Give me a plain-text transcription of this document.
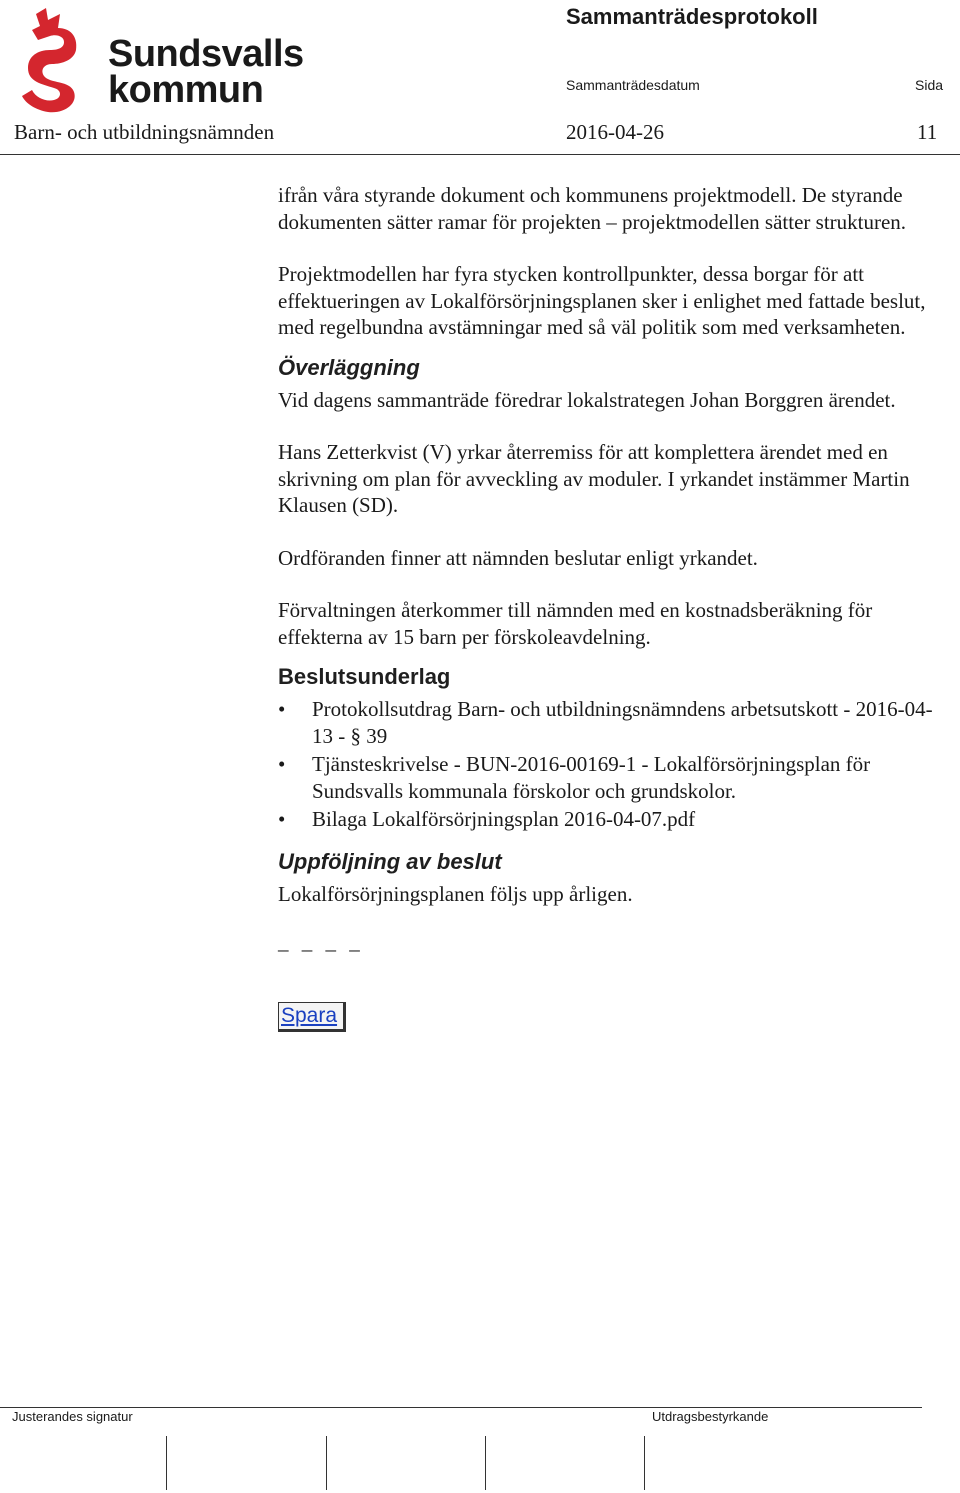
Sundsvalls
kommun
Sammanträdesprotokoll
Sammanträdesdatum	Sida
Barn- och utbildningsnämnden	2016-04-26	11

ifrån våra styrande dokument och kommunens projektmodell. De styrande dokumenten sätter ramar för projekten – projektmodellen sätter strukturen.

Projektmodellen har fyra stycken kontrollpunkter, dessa borgar för att effektueringen av Lokalförsörjningsplanen sker i enlighet med fattade beslut, med regelbundna avstämningar med så väl politik som med verksamheten.

Överläggning

Vid dagens sammanträde föredrar lokalstrategen Johan Borggren ärendet.

Hans Zetterkvist (V) yrkar återremiss för att komplettera ärendet med en skrivning om plan för avveckling av moduler. I yrkandet instämmer Martin Klausen (SD).

Ordföranden finner att nämnden beslutar enligt yrkandet.

Förvaltningen återkommer till nämnden med en kostnadsberäkning för effekterna av 15 barn per förskoleavdelning.

Beslutsunderlag
• Protokollsutdrag Barn- och utbildningsnämndens arbetsutskott - 2016-04-13 - § 39
• Tjänsteskrivelse - BUN-2016-00169-1 - Lokalförsörjningsplan för Sundsvalls kommunala förskolor och grundskolor.
• Bilaga Lokalförsörjningsplan 2016-04-07.pdf
Uppföljning av beslut

Lokalförsörjningsplanen följs upp årligen.

_ _ _ _
Spara
Justerandes signatur	Utdragsbestyrkande
